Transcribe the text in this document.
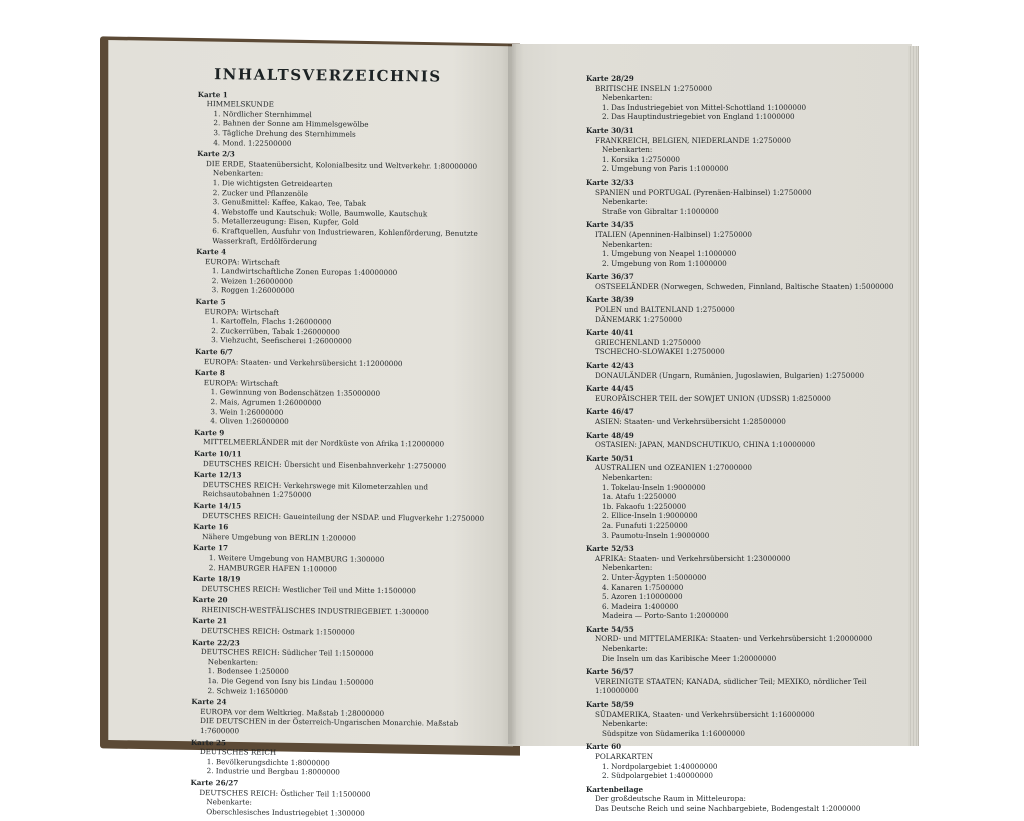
INHALTSVERZEICHNIS
Karte 1
HIMMELSKUNDE
1. Nördlicher Sternhimmel
2. Bahnen der Sonne am Himmelsgewölbe
3. Tägliche Drehung des Sternhimmels
4. Mond. 1:22500000
Karte 2/3
DIE ERDE, Staatenübersicht, Kolonialbesitz und Weltverkehr. 1:80000000
Nebenkarten:
1. Die wichtigsten Getreidearten
2. Zucker und Pflanzenöle
3. Genußmittel: Kaffee, Kakao, Tee, Tabak
4. Webstoffe und Kautschuk: Wolle, Baumwolle, Kautschuk
5. Metallerzeugung: Eisen, Kupfer, Gold
6. Kraftquellen, Ausfuhr von Industriewaren, Kohlenförderung, Benutzte Wasserkraft, Erdölförderung
Karte 4
EUROPA: Wirtschaft
1. Landwirtschaftliche Zonen Europas 1:40000000
2. Weizen 1:26000000
3. Roggen 1:26000000
Karte 5
EUROPA: Wirtschaft
1. Kartoffeln, Flachs 1:26000000
2. Zuckerrüben, Tabak 1:26000000
3. Viehzucht, Seefischerei 1:26000000
Karte 6/7
EUROPA: Staaten- und Verkehrsübersicht 1:12000000
Karte 8
EUROPA: Wirtschaft
1. Gewinnung von Bodenschätzen 1:35000000
2. Mais, Agrumen 1:26000000
3. Wein 1:26000000
4. Oliven 1:26000000
Karte 9
MITTELMEERLÄNDER mit der Nordküste von Afrika 1:12000000
Karte 10/11
DEUTSCHES REICH: Übersicht und Eisenbahnverkehr 1:2750000
Karte 12/13
DEUTSCHES REICH: Verkehrswege mit Kilometerzahlen und Reichsautobahnen 1:2750000
Karte 14/15
DEUTSCHES REICH: Gaueinteilung der NSDAP. und Flugverkehr 1:2750000
Karte 16
Nähere Umgebung von BERLIN 1:200000
Karte 17
1. Weitere Umgebung von HAMBURG 1:300000
2. HAMBURGER HAFEN 1:100000
Karte 18/19
DEUTSCHES REICH: Westlicher Teil und Mitte 1:1500000
Karte 20
RHEINISCH-WESTFÄLISCHES INDUSTRIEGEBIET. 1:300000
Karte 21
DEUTSCHES REICH: Ostmark 1:1500000
Karte 22/23
DEUTSCHES REICH: Südlicher Teil 1:1500000
Nebenkarten:
1. Bodensee 1:250000
1a. Die Gegend von Isny bis Lindau 1:500000
2. Schweiz 1:1650000
Karte 24
EUROPA vor dem Weltkrieg. Maßstab 1:28000000
DIE DEUTSCHEN in der Österreich-Ungarischen Monarchie. Maßstab 1:7600000
Karte 25
DEUTSCHES REICH
1. Bevölkerungsdichte 1:8000000
2. Industrie und Bergbau 1:8000000
Karte 26/27
DEUTSCHES REICH: Östlicher Teil 1:1500000
Nebenkarte:
Oberschlesisches Industriegebiet 1:300000
Karte 28/29
BRITISCHE INSELN 1:2750000
Nebenkarten:
1. Das Industriegebiet von Mittel-Schottland 1:1000000
2. Das Hauptindustriegebiet von England 1:1000000
Karte 30/31
FRANKREICH, BELGIEN, NIEDERLANDE 1:2750000
Nebenkarten:
1. Korsika 1:2750000
2. Umgebung von Paris 1:1000000
Karte 32/33
SPANIEN und PORTUGAL (Pyrenäen-Halbinsel) 1:2750000
Nebenkarte:
Straße von Gibraltar 1:1000000
Karte 34/35
ITALIEN (Apenninen-Halbinsel) 1:2750000
Nebenkarten:
1. Umgebung von Neapel 1:1000000
2. Umgebung von Rom 1:1000000
Karte 36/37
OSTSEELÄNDER (Norwegen, Schweden, Finnland, Baltische Staaten) 1:5000000
Karte 38/39
POLEN und BALTENLAND 1:2750000
DÄNEMARK 1:2750000
Karte 40/41
GRIECHENLAND 1:2750000
TSCHECHO-SLOWAKEI 1:2750000
Karte 42/43
DONAULÄNDER (Ungarn, Rumänien, Jugoslawien, Bulgarien) 1:2750000
Karte 44/45
EUROPÄISCHER TEIL der SOWJET UNION (UDSSR) 1:8250000
Karte 46/47
ASIEN: Staaten- und Verkehrsübersicht 1:28500000
Karte 48/49
OSTASIEN: JAPAN, MANDSCHUTIKUO, CHINA 1:10000000
Karte 50/51
AUSTRALIEN und OZEANIEN 1:27000000
Nebenkarten:
1. Tokelau-Inseln 1:9000000
1a. Atafu 1:2250000
1b. Fakaofu 1:2250000
2. Ellice-Inseln 1:9000000
2a. Funafuti 1:2250000
3. Paumotu-Inseln 1:9000000
Karte 52/53
AFRIKA: Staaten- und Verkehrsübersicht 1:23000000
Nebenkarten:
2. Unter-Ägypten 1:5000000
4. Kanaren 1:7500000
5. Azoren 1:10000000
6. Madeira 1:400000
Madeira — Porto-Santo 1:2000000
Karte 54/55
NORD- und MITTELAMERIKA: Staaten- und Verkehrsübersicht 1:20000000
Nebenkarte:
Die Inseln um das Karibische Meer 1:20000000
Karte 56/57
VEREINIGTE STAATEN; KANADA, südlicher Teil; MEXIKO, nördlicher Teil 1:10000000
Karte 58/59
SÜDAMERIKA, Staaten- und Verkehrsübersicht 1:16000000
Nebenkarte:
Südspitze von Südamerika 1:16000000
Karte 60
POLARKARTEN
1. Nordpolargebiet 1:40000000
2. Südpolargebiet 1:40000000
Kartenbeilage
Der großdeutsche Raum in Mitteleuropa:
Das Deutsche Reich und seine Nachbargebiete, Bodengestalt 1:2000000
